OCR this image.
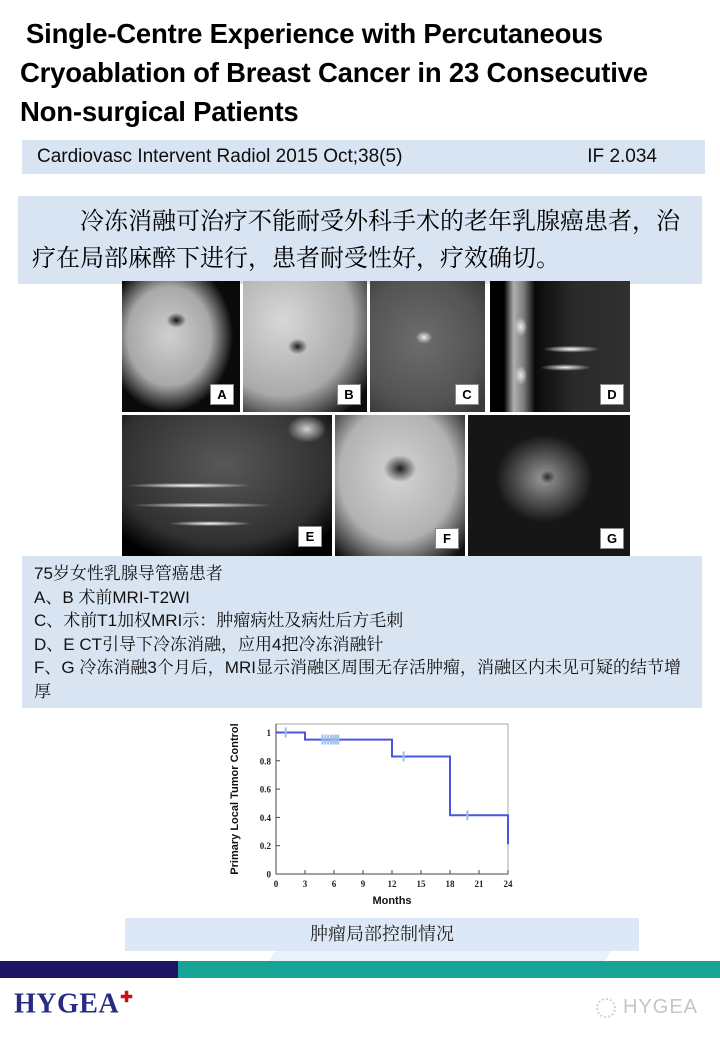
Single-Centre Experience with Percutaneous
Cryoablation of Breast Cancer in 23 Consecutive
Non-surgical Patients
Cardiovasc Intervent Radiol 2015 Oct;38(5)	IF 2.034

冷冻消融可治疗不能耐受外科手术的老年乳腺癌患者，治疗在局部麻醉下进行，患者耐受性好，疗效确切。

A	B	C	D
E	F	G
75岁女性乳腺导管癌患者
A、B 术前MRI-T2WI
C、术前T1加权MRI示：肿瘤病灶及病灶后方毛刺
D、E CT引导下冷冻消融，应用4把冷冻消融针
F、G 冷冻消融3个月后，MRI显示消融区周围无存活肿瘤，消融区内未见可疑的结节增厚
0	3	6	9 12 15 18 21 24
0
0.2
0.4
0.6
0.8
1
Months
Primary Local Tumor Control
肿瘤局部控制情况
HYGEA✚	HYGEA
